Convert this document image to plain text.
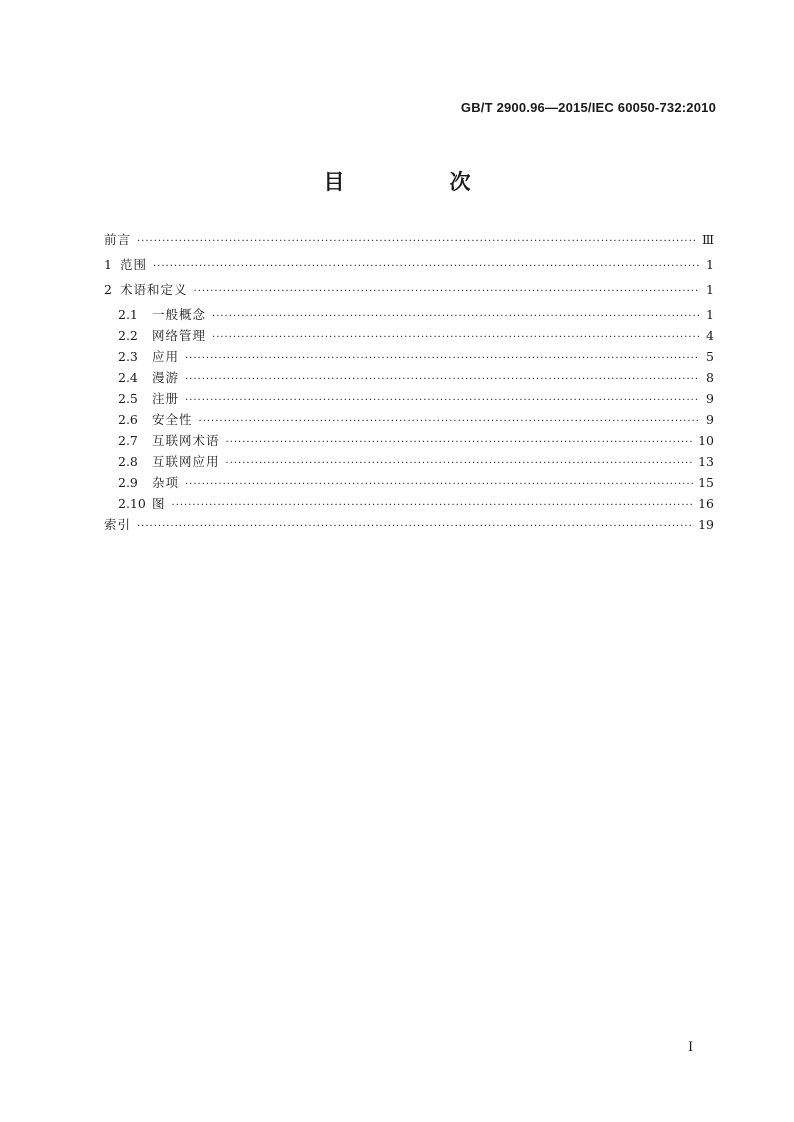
GB/T 2900.96—2015/IEC 60050-732:2010
目　次
前言 ·····	Ⅲ
1 范围 ·····	1
2 术语和定义 ·····	1
2.1	一般概念 ·····	1
2.2	网络管理 ·····	4
2.3	应用 ·····	5
2.4	漫游 ·····	8
2.5	注册 ·····	9
2.6	安全性 ·····	9
2.7	互联网术语 ·····	10
2.8	互联网应用 ·····	13
2.9	杂项 ·····	15
2.10 图 ·····	16
索引 ·····	19
I
